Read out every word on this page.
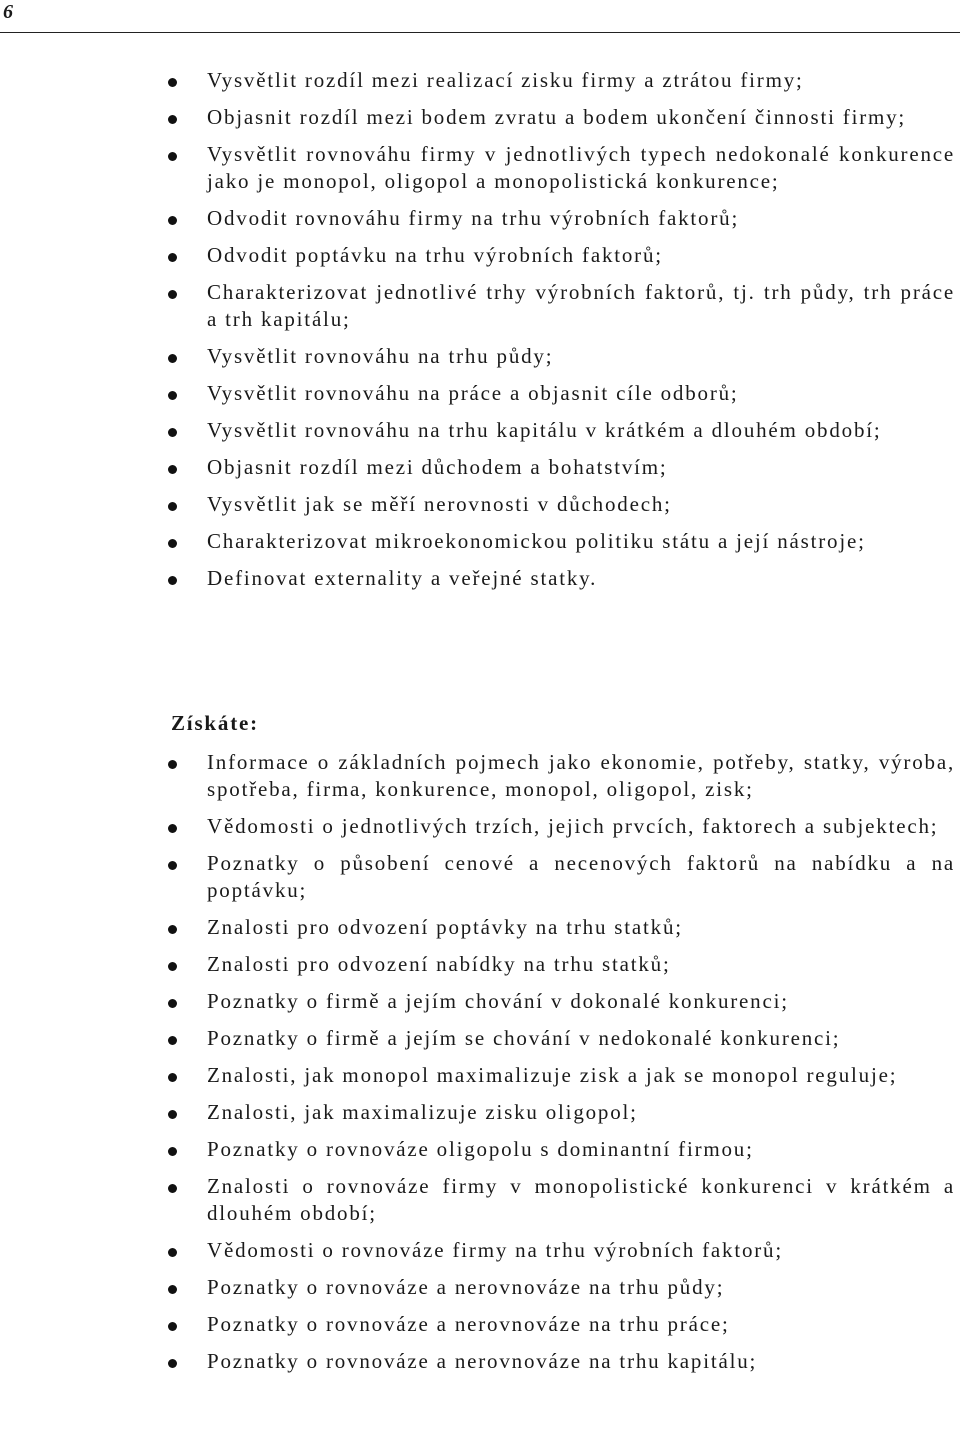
6
Vysvětlit rozdíl mezi realizací zisku firmy a ztrátou firmy;
Objasnit rozdíl mezi bodem zvratu a bodem ukončení činnosti firmy;
Vysvětlit rovnováhu firmy v jednotlivých typech nedokonalé konkurence jako je monopol, oligopol a monopolistická konkurence;
Odvodit rovnováhu firmy na trhu výrobních faktorů;
Odvodit poptávku na trhu výrobních faktorů;
Charakterizovat jednotlivé trhy výrobních faktorů, tj. trh půdy, trh práce a trh kapitálu;
Vysvětlit rovnováhu na trhu půdy;
Vysvětlit rovnováhu na práce a objasnit cíle odborů;
Vysvětlit rovnováhu na trhu kapitálu v krátkém a dlouhém období;
Objasnit rozdíl mezi důchodem a bohatstvím;
Vysvětlit jak se měří nerovnosti v důchodech;
Charakterizovat mikroekonomickou politiku státu a její nástroje;
Definovat externality a veřejné statky.
Získáte:
Informace o základních pojmech jako ekonomie, potřeby, statky, výroba, spotřeba, firma, konkurence, monopol, oligopol, zisk;
Vědomosti o jednotlivých trzích, jejich prvcích, faktorech a subjektech;
Poznatky o působení cenové a necenových faktorů na nabídku a na poptávku;
Znalosti pro odvození poptávky na trhu statků;
Znalosti pro odvození nabídky na trhu statků;
Poznatky o firmě a jejím chování v dokonalé konkurenci;
Poznatky o firmě a jejím se chování v nedokonalé konkurenci;
Znalosti, jak monopol maximalizuje zisk a jak se monopol reguluje;
Znalosti, jak maximalizuje zisku oligopol;
Poznatky o rovnováze oligopolu s dominantní firmou;
Znalosti o rovnováze firmy v monopolistické konkurenci v krátkém a dlouhém období;
Vědomosti o rovnováze firmy na trhu výrobních faktorů;
Poznatky o rovnováze a nerovnováze na trhu půdy;
Poznatky o rovnováze a nerovnováze na trhu práce;
Poznatky o rovnováze a nerovnováze na trhu kapitálu;
